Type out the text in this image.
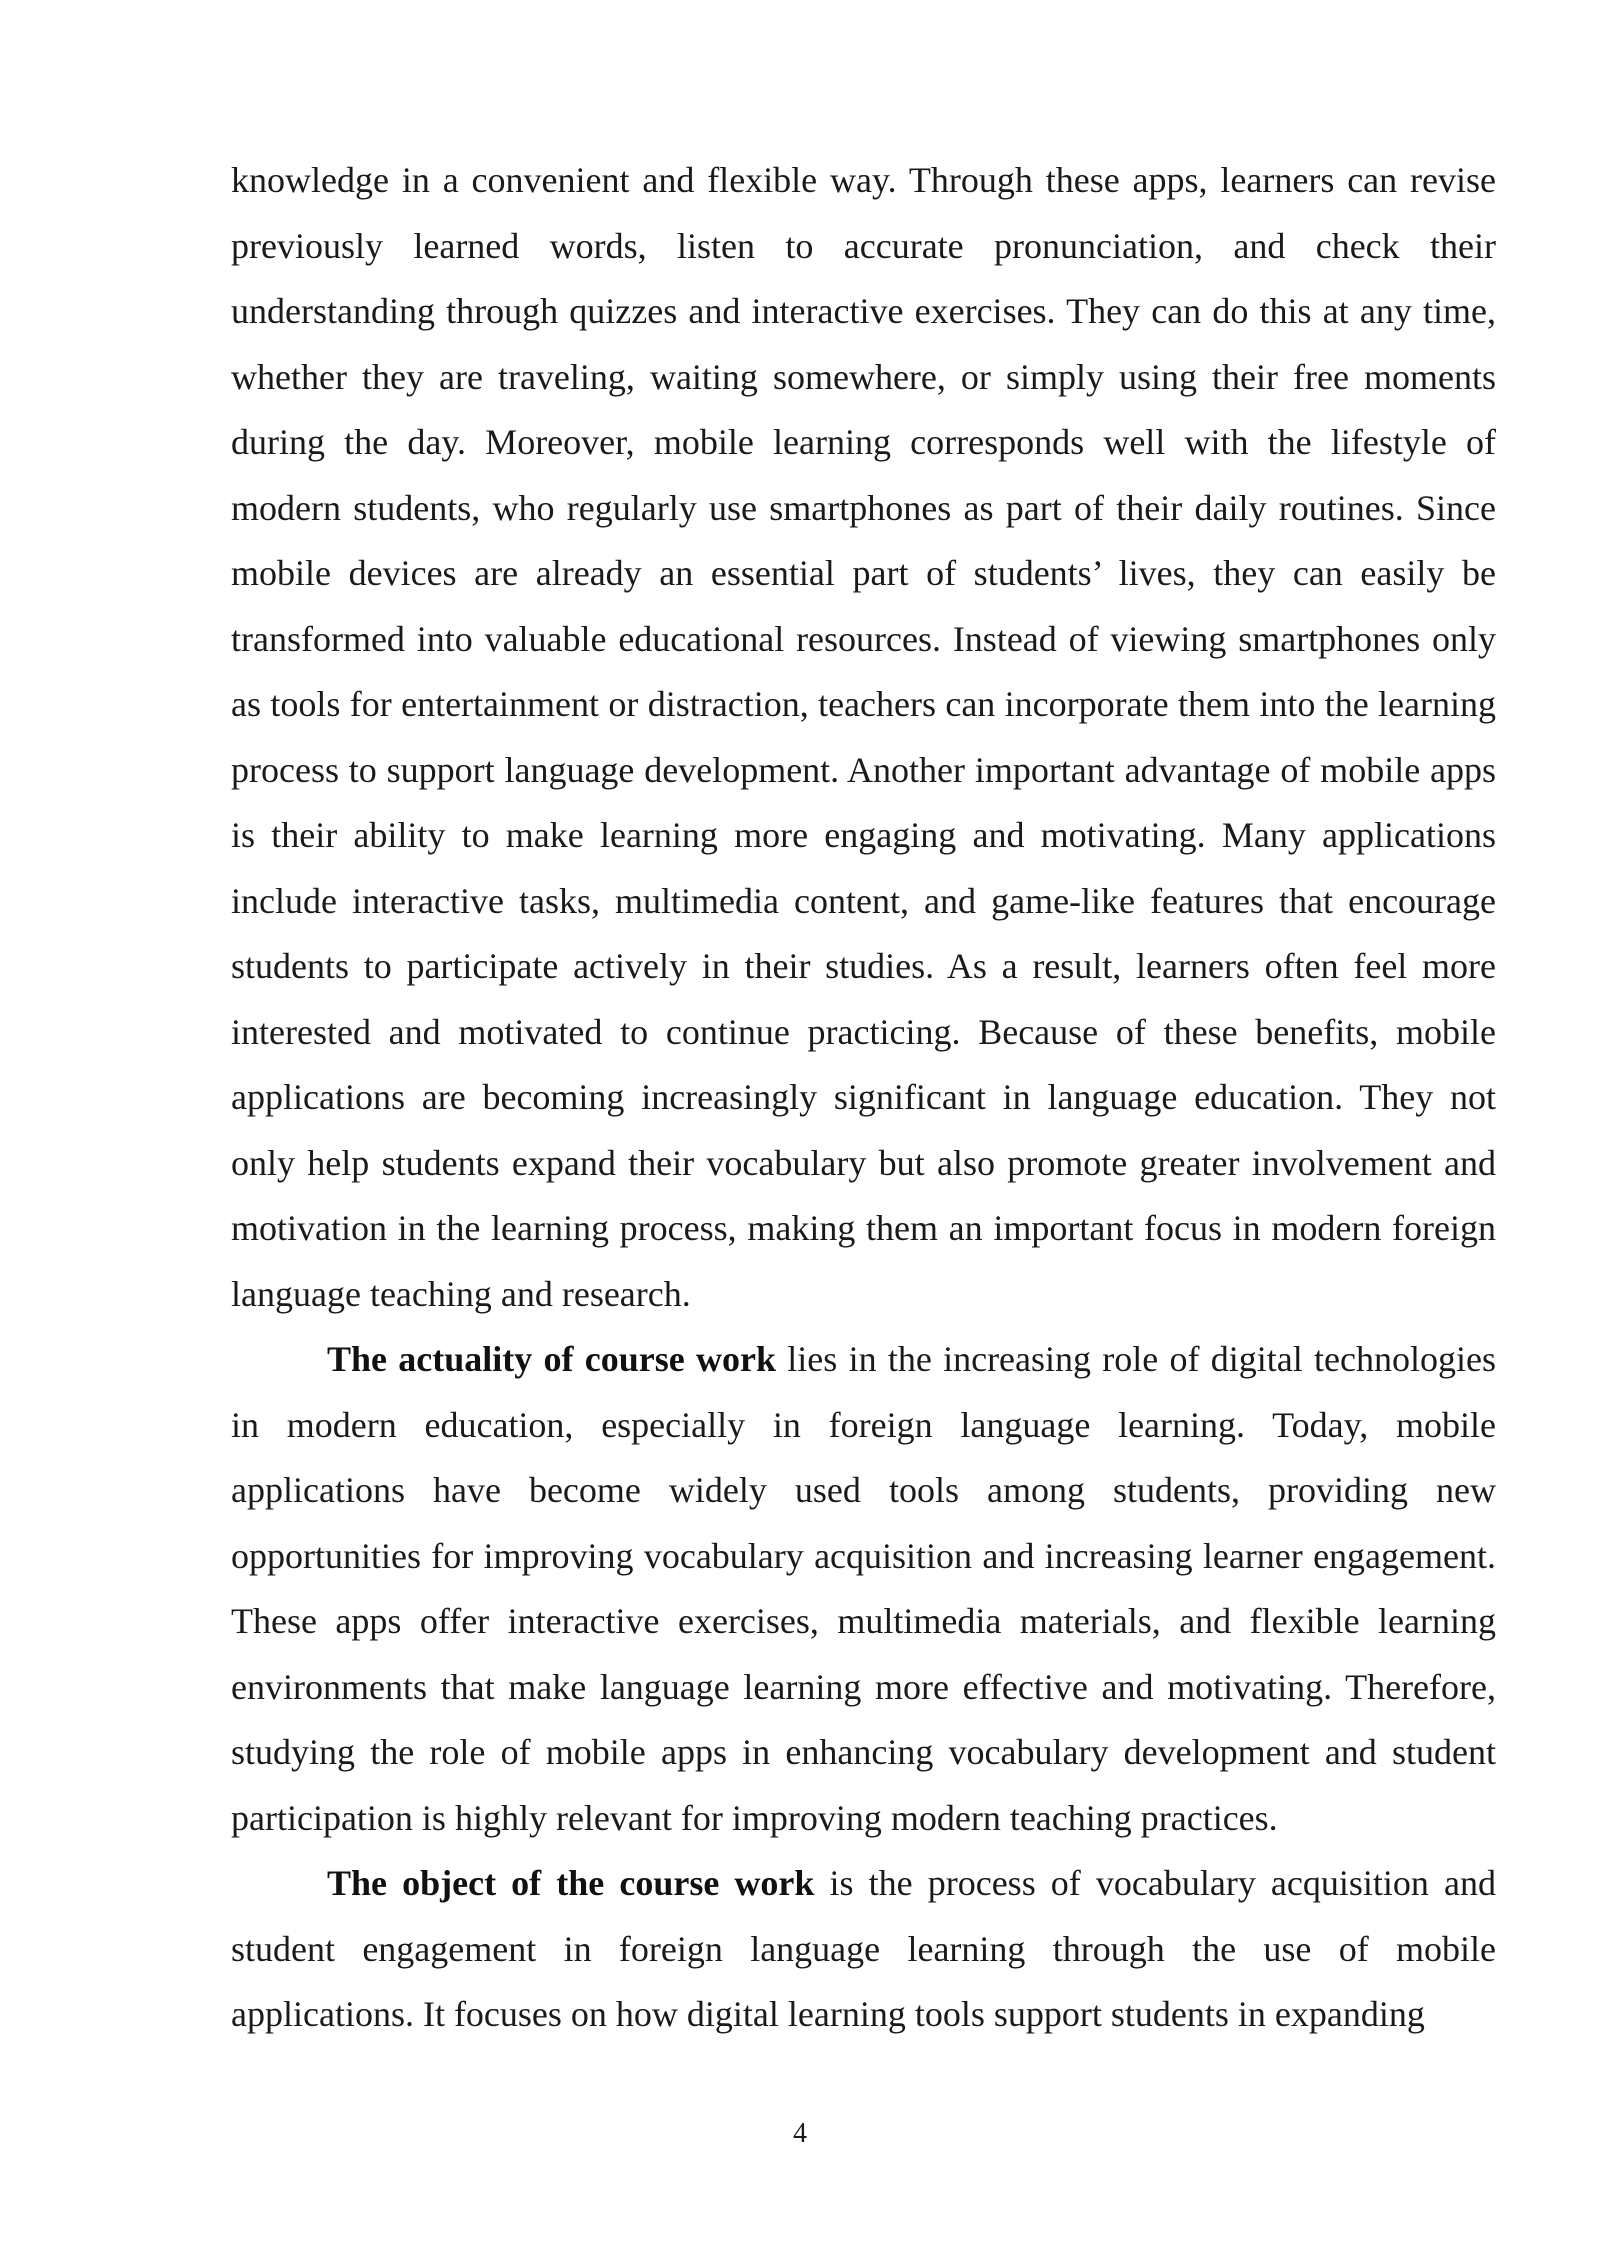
knowledge in a convenient and flexible way. Through these apps, learners can revise previously learned words, listen to accurate pronunciation, and check their understanding through quizzes and interactive exercises. They can do this at any time, whether they are traveling, waiting somewhere, or simply using their free moments during the day. Moreover, mobile learning corresponds well with the lifestyle of modern students, who regularly use smartphones as part of their daily routines. Since mobile devices are already an essential part of students’ lives, they can easily be transformed into valuable educational resources. Instead of viewing smartphones only as tools for entertainment or distraction, teachers can incorporate them into the learning process to support language development. Another important advantage of mobile apps is their ability to make learning more engaging and motivating. Many applications include interactive tasks, multimedia content, and game-like features that encourage students to participate actively in their studies. As a result, learners often feel more interested and motivated to continue practicing. Because of these benefits, mobile applications are becoming increasingly significant in language education. They not only help students expand their vocabulary but also promote greater involvement and motivation in the learning process, making them an important focus in modern foreign language teaching and research.

The actuality of course work lies in the increasing role of digital technologies in modern education, especially in foreign language learning. Today, mobile applications have become widely used tools among students, providing new opportunities for improving vocabulary acquisition and increasing learner engagement. These apps offer interactive exercises, multimedia materials, and flexible learning environments that make language learning more effective and motivating. Therefore, studying the role of mobile apps in enhancing vocabulary development and student participation is highly relevant for improving modern teaching practices.

The object of the course work is the process of vocabulary acquisition and student engagement in foreign language learning through the use of mobile applications. It focuses on how digital learning tools support students in expanding

4
